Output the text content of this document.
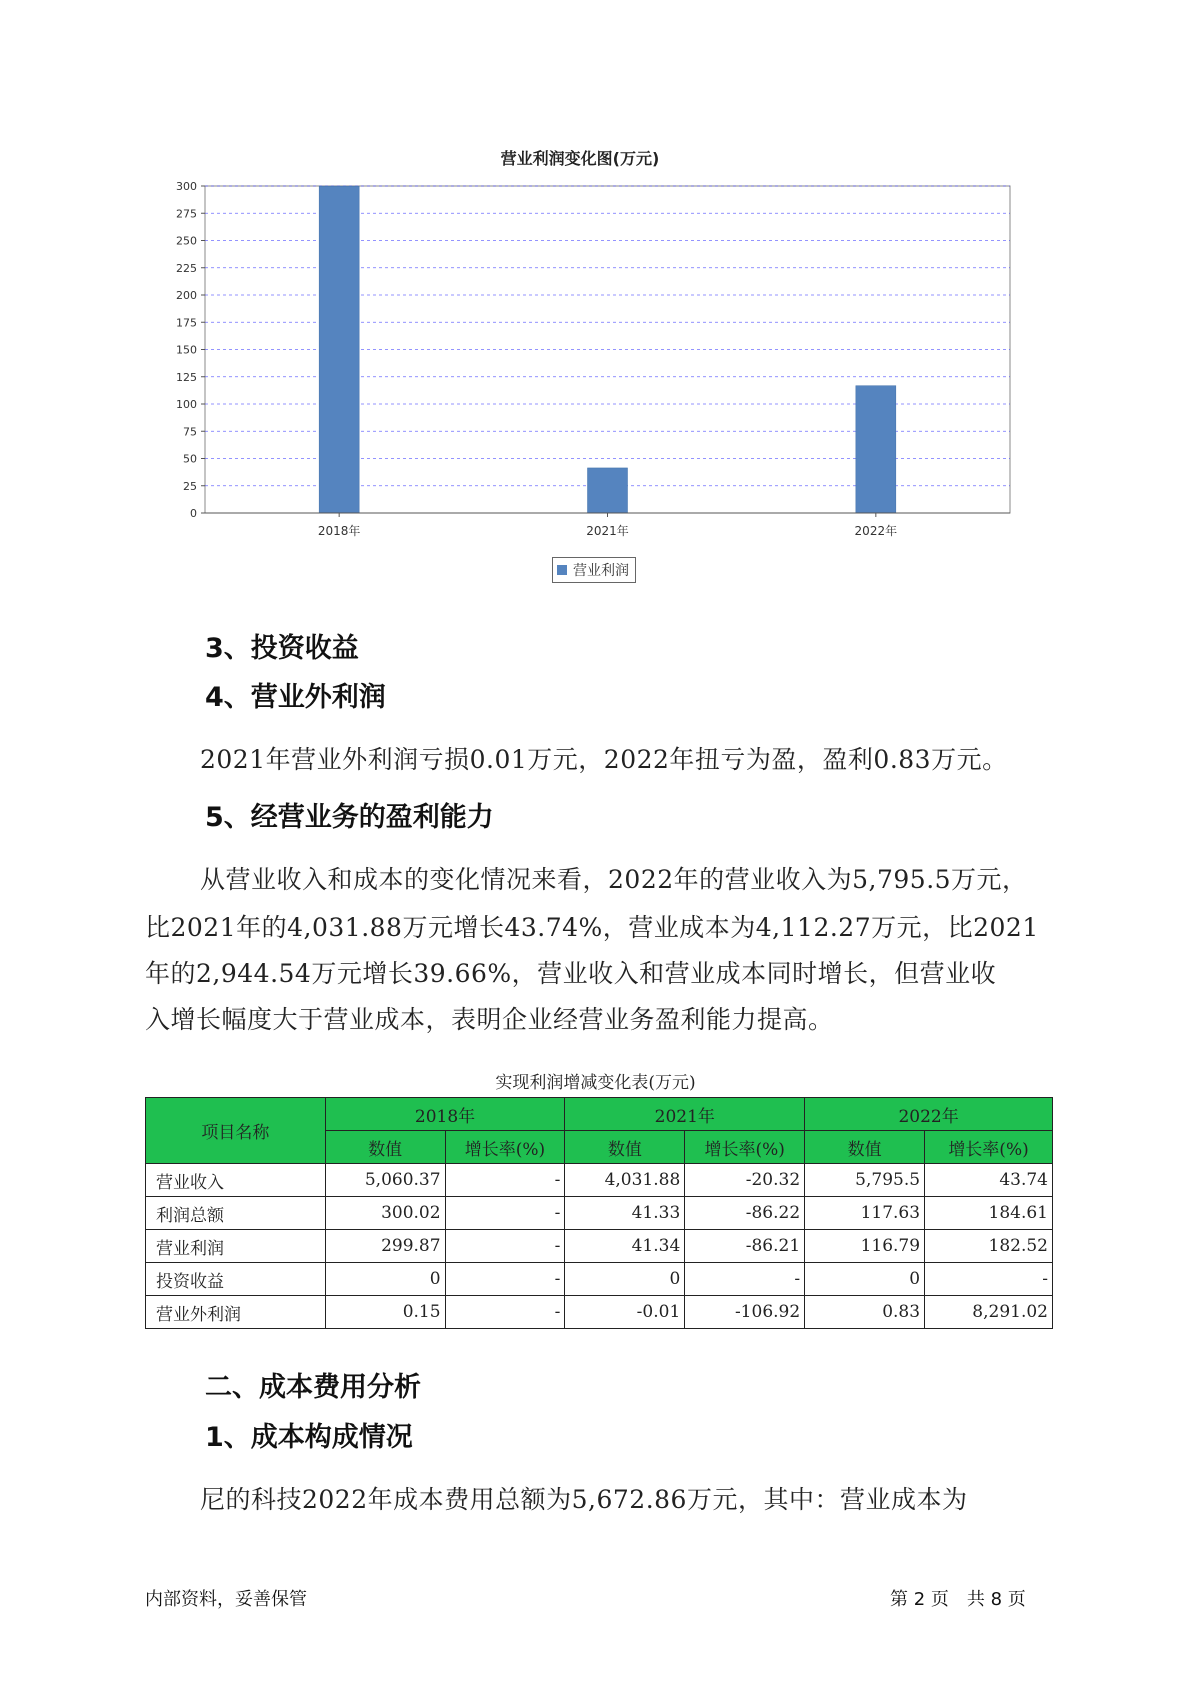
0
25
50
75
100
125
150
175
200
225
250
275
300
2018年	2021年	2022年
营业利润变化图(万元)
营业利润
3、投资收益
4、营业外利润
2021年营业外利润亏损0.01万元，2022年扭亏为盈，盈利0.83万元。
5、经营业务的盈利能力
从营业收入和成本的变化情况来看，2022年的营业收入为5,795.5万元，
比2021年的4,031.88万元增长43.74%，营业成本为4,112.27万元，比2021
年的2,944.54万元增长39.66%，营业收入和营业成本同时增长，但营业收
入增长幅度大于营业成本，表明企业经营业务盈利能力提高。
实现利润增减变化表(万元)
项目名称	2018年		2021年		2022年	
	数值	增长率(%)	数值	增长率(%)	数值	增长率(%)
营业收入	5,060.37	-	4,031.88	-20.32	5,795.5	43.74
利润总额	300.02	-	41.33	-86.22	117.63	184.61
营业利润	299.87	-	41.34	-86.21	116.79	182.52
投资收益	0	-	0	-	0	-
营业外利润	0.15	-	-0.01	-106.92	0.83	8,291.02
二、成本费用分析
1、成本构成情况
尼的科技2022年成本费用总额为5,672.86万元，其中：营业成本为
内部资料，妥善保管	第 2 页　共 8 页
